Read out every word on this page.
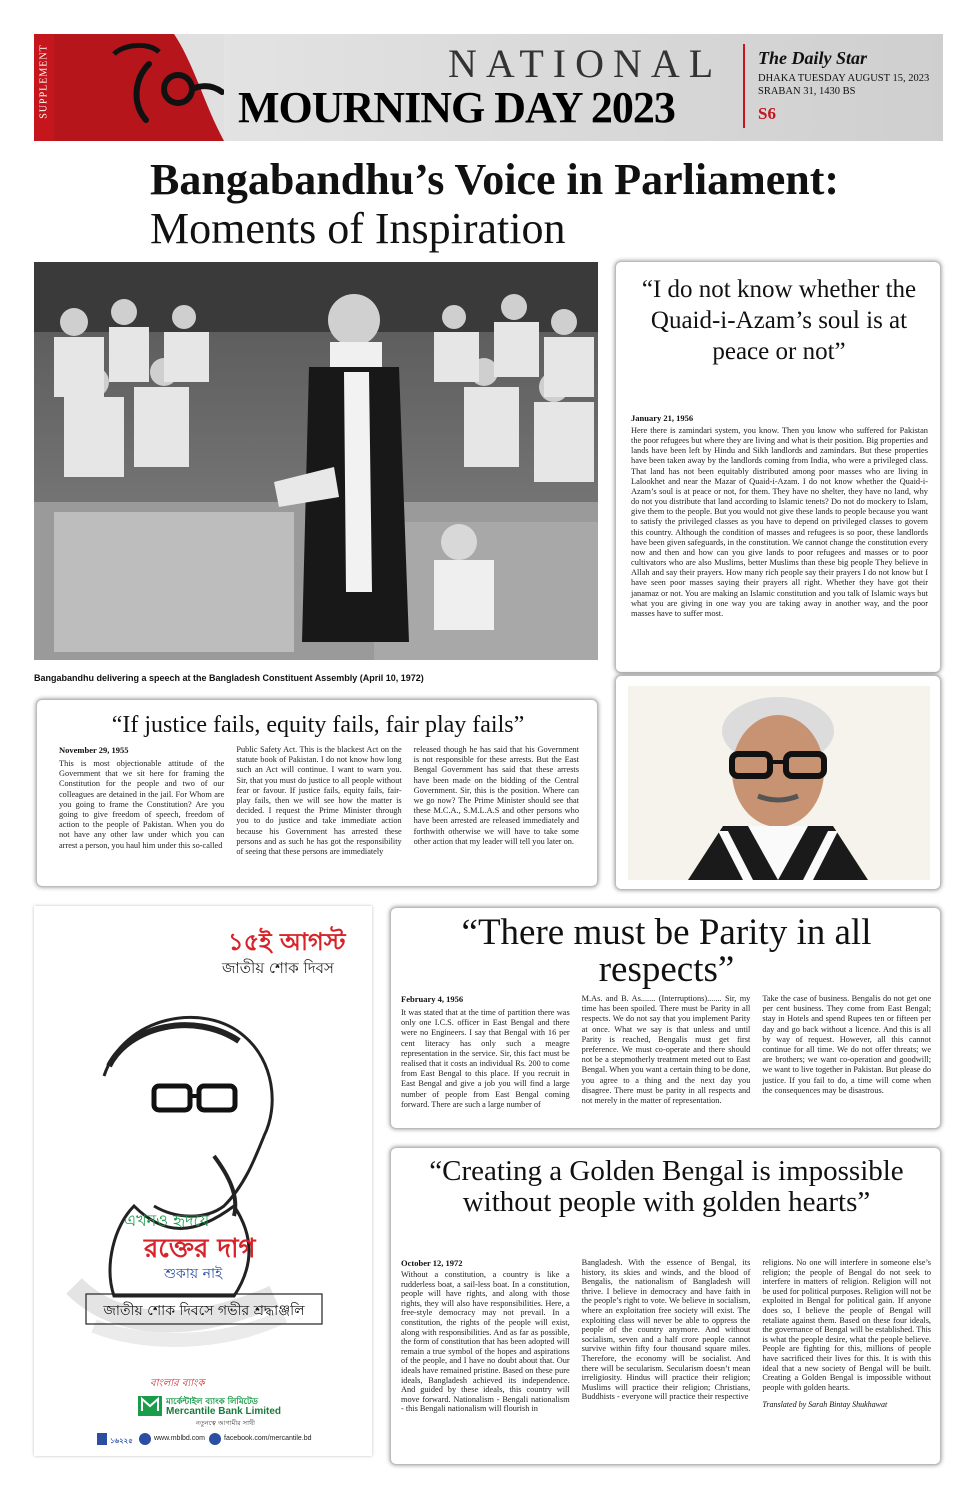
SUPPLEMENT	NATIONAL
MOURNING DAY 2023
The Daily Star
DHAKA TUESDAY AUGUST 15, 2023
SRABAN 31, 1430 BS
S6
Bangabandhu’s Voice in Parliament: Moments of Inspiration
Bangabandhu delivering a speech at the Bangladesh Constituent Assembly (April 10, 1972)
“I do not know whether the Quaid-i-Azam’s soul is at peace or not”
January 21, 1956
Here there is zamindari system, you know. Then you know who suffered for Pakistan the poor refugees but where they are living and what is their position. Big properties and lands have been left by Hindu and Sikh landlords and zamindars. But these properties have been taken away by the landlords coming from India, who were a privileged class. That land has not been equitably distributed among poor masses who are living in Lalookhet and near the Mazar of Quaid-i-Azam. I do not know whether the Quaid-i-Azam’s soul is at peace or not, for them. They have no shelter, they have no land, why do not you distribute that land according to Islamic tenets? Do not do mockery to Islam, give them to the people. But you would not give these lands to people because you want to satisfy the privileged classes as you have to depend on privileged classes to govern this country. Although the condition of masses and refugees is so poor, these landlords have been given safeguards, in the constitution. We cannot change the constitution every now and then and how can you give lands to poor refugees and masses or to poor cultivators who are also Muslims, better Muslims than these big people They believe in Allah and say their prayers. How many rich people say their prayers I do not know but I have seen poor masses saying their prayers all right. Whether they have got their janamaz or not. You are making an Islamic constitution and you talk of Islamic ways but what you are giving in one way you are taking away in another way, and the poor masses have to suffer most.
“If justice fails, equity fails, fair play fails”
November 29, 1955
This is most objectionable attitude of the Government that we sit here for framing the Constitution for the people and two of our colleagues are detained in the jail. For Whom are you going to frame the Constitution? Are you going to give freedom of speech, freedom of action to the people of Pakistan. When you do not have any other law under which you can arrest a person, you haul him under this so-called
Public Safety Act. This is the blackest Act on the statute book of Pakistan. I do not know how long such an Act will continue. I want to warn you. Sir, that you must do justice to all people without fear or favour. If justice fails, equity fails, fair-play fails, then we will see how the matter is decided. I request the Prime Minister through you to do justice and take immediate action because his Government has arrested these persons and as such he has got the responsibility of seeing that these persons are immediately
released though he has said that his Government is not responsible for these arrests. But the East Bengal Government has said that these arrests have been made on the bidding of the Central Government. Sir, this is the position. Where can we go now? The Prime Minister should see that these M.C.A., S.M.L.A.S and other persons who have been arrested are released immediately and forthwith otherwise we will have to take some other action that my leader will tell you later on.
১৫ই আগস্ট
জাতীয় শোক দিবস
এখনও হৃদয়ে
রক্তের দাগ
শুকায় নাই
জাতীয় শোক দিবসে গভীর শ্রদ্ধাঞ্জলি
বাংলার ব্যাংক
মার্কেন্টাইল ব্যাংক লিমিটেড
Mercantile Bank Limited
নতুনত্বে আগামীর সাথী
১৬২২৫	www.mblbd.com	facebook.com/mercantile.bd
“There must be Parity in all respects”
February 4, 1956
It was stated that at the time of partition there was only one I.C.S. officer in East Bengal and there were no Engineers. I say that Bengal with 16 per cent literacy has only such a meagre representation in the service. Sir, this fact must be realised that it costs an individual Rs. 200 to come from East Bengal to this place. If you recruit in East Bengal and give a job you will find a large number of people from East Bengal coming forward. There are such a large number of
M.As. and B. As....... (Interruptions)....... Sir, my time has been spoiled. There must be Parity in all respects. We do not say that you implement Parity at once. What we say is that unless and until Parity is reached, Bengalis must get first preference. We must co-operate and there should not be a stepmotherly treatment meted out to East Bengal. When you want a certain thing to be done, you agree to a thing and the next day you disagree. There must be parity in all respects and not merely in the matter of representation.
Take the case of business. Bengalis do not get one per cent business. They come from East Bengal; stay in Hotels and spend Rupees ten or fifteen per day and go back without a licence. And this is all by way of request. However, all this cannot continue for all time. We do not offer threats; we are brothers; we want co-operation and goodwill; we want to live together in Pakistan. But please do justice. If you fail to do, a time will come when the consequences may be disastrous.
“Creating a Golden Bengal is impossible without people with golden hearts”
October 12, 1972
Without a constitution, a country is like a rudderless boat, a sail-less boat. In a constitution, people will have rights, and along with those rights, they will also have responsibilities. Here, a free-style democracy may not prevail. In a constitution, the rights of the people will exist, along with responsibilities. And as far as possible, the form of constitution that has been adopted will remain a true symbol of the hopes and aspirations of the people, and I have no doubt about that. Our ideals have remained pristine. Based on these pure ideals, Bangladesh achieved its independence. And guided by these ideals, this country will move forward. Nationalism - Bengali nationalism - this Bengali nationalism will flourish in
Bangladesh. With the essence of Bengal, its history, its skies and winds, and the blood of Bengalis, the nationalism of Bangladesh will thrive. I believe in democracy and have faith in the people’s right to vote. We believe in socialism, where an exploitation free society will exist. The exploiting class will never be able to oppress the people of the country anymore. And without socialism, seven and a half crore people cannot survive within fifty four thousand square miles. Therefore, the economy will be socialist. And there will be secularism. Secularism doesn’t mean irreligiosity. Hindus will practice their religion; Muslims will practice their religion; Christians, Buddhists - everyone will practice their respective
religions. No one will interfere in someone else’s religion; the people of Bengal do not seek to interfere in matters of religion. Religion will not be used for political purposes. Religion will not be exploited in Bengal for political gain. If anyone does so, I believe the people of Bengal will retaliate against them. Based on these four ideals, the governance of Bengal will be established. This is what the people desire, what the people believe. People are fighting for this, millions of people have sacrificed their lives for this. It is with this ideal that a new society of Bengal will be built. Creating a Golden Bengal is impossible without people with golden hearts.
Translated by Sarah Bintay Shukhawat
